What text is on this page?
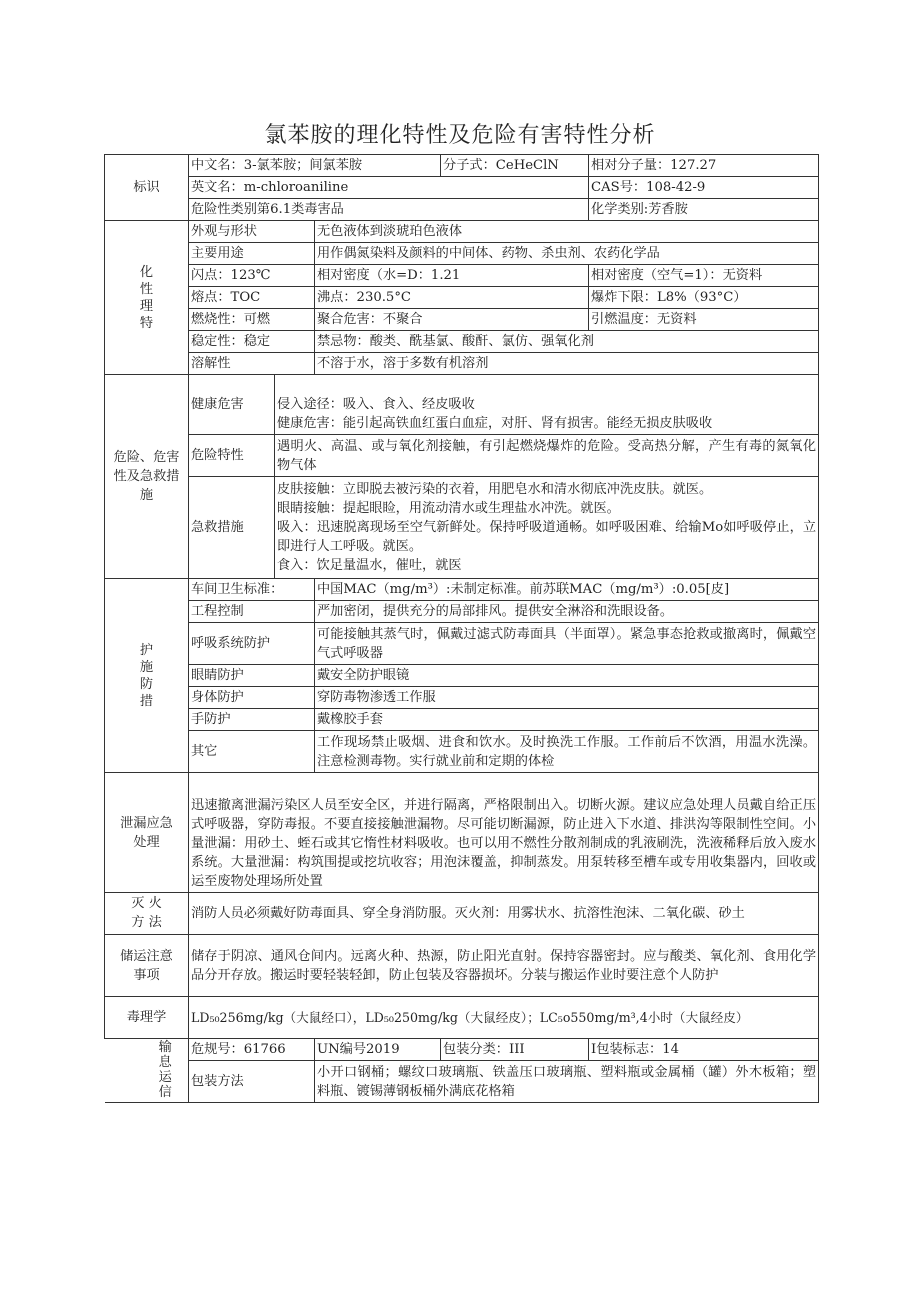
氯苯胺的理化特性及危险有害特性分析
标识	中文名：3-氯苯胺；间氯苯胺			分子式：CeHeClN	相对分子量：127.27
	英文名：m-chloroaniline				CAS号：108-42-9
	危险性类别第6.1类毒害品				化学类别:芳香胺
化
性
理
特	外观与形状		无色液体到淡琥珀色液体		
	主要用途		用作偶氮染料及颜料的中间体、药物、杀虫剂、农药化学品		
	闪点：123℃		相对密度（水=D：1.21		相对密度（空气=1）：无资料
	熔点：TOC		沸点：230.5°C		爆炸下限：L8%（93°C）
	燃烧性：可燃		聚合危害：不聚合		引燃温度：无资料
	稳定性：稳定		禁忌物：酸类、酰基氯、酸酐、氯仿、强氧化剂		
	溶解性		不溶于水，溶于多数有机溶剂		
危险、危害性及急救措施	健康危害	侵入途径：吸入、食入、经皮吸收
健康危害：能引起高铁血红蛋白血症，对肝、肾有损害。能经无损皮肤吸收			

	危险特性	遇明火、高温、或与氧化剂接触，有引起燃烧爆炸的危险。受高热分解，产生有毒的氮氧化物气体			
	急救措施	皮肤接触：立即脱去被污染的衣着，用肥皂水和清水彻底冲洗皮肤。就医。
眼睛接触：提起眼睑，用流动清水或生理盐水冲洗。就医。
吸入：迅速脱离现场至空气新鲜处。保持呼吸道通畅。如呼吸困难、给输Mo如呼吸停止，立即进行人工呼吸。就医。
食入：饮足量温水，催吐，就医			

护
施
防
措	车间卫生标准：		中国MAC（mg/m³）:未制定标准。前苏联MAC（mg/m³）:0.05[皮]		
	工程控制		严加密闭，提供充分的局部排风。提供安全淋浴和洗眼设备。		
	呼吸系统防护		可能接触其蒸气时，佩戴过滤式防毒面具（半面罩）。紧急事态抢救或撤离时，佩戴空气式呼吸器		
	眼睛防护		戴安全防护眼镜		
	身体防护		穿防毒物渗透工作服		
	手防护		戴橡胶手套		
	其它		工作现场禁止吸烟、进食和饮水。及时换洗工作服。工作前后不饮酒，用温水洗澡。注意检测毒物。实行就业前和定期的体检		
泄漏应急处理	迅速撤离泄漏污染区人员至安全区，并进行隔离，严格限制出入。切断火源。建议应急处理人员戴自给正压式呼吸器，穿防毒报。不要直接接触泄漏物。尽可能切断漏源，防止进入下水道、排洪沟等限制性空间。小量泄漏：用砂土、蛭石或其它惰性材料吸收。也可以用不燃性分散剂制成的乳液刷洗，洗液稀释后放入废水系统。大量泄漏：构筑围提或挖坑收容；用泡沫覆盖，抑制蒸发。用泵转移至槽车或专用收集器内，回收或运至废物处理场所处置				
灭 火
方 法	消防人员必须戴好防毒面具、穿全身消防服。灭火剂：用雾状水、抗溶性泡沫、二氧化碳、砂土				
储运注意事项	储存于阴凉、通风仓间内。远离火种、热源，防止阳光直射。保持容器密封。应与酸类、氧化剂、食用化学品分开存放。搬运时要轻装轻卸，防止包装及容器损坏。分装与搬运作业时要注意个人防护				
毒理学	LD₅₀256mg/kg（大鼠经口），LD₅₀250mg/kg（大鼠经皮）；LC₅o550mg/m³,4小时（大鼠经皮）				
输
息
运
信	危规号：61766		UN编号2019	包装分类：III	I包装标志：14
	包装方法		小开口钢桶；螺纹口玻璃瓶、铁盖压口玻璃瓶、塑料瓶或金属桶（罐）外木板箱；塑料瓶、镀锡薄钢板桶外满底花格箱		
